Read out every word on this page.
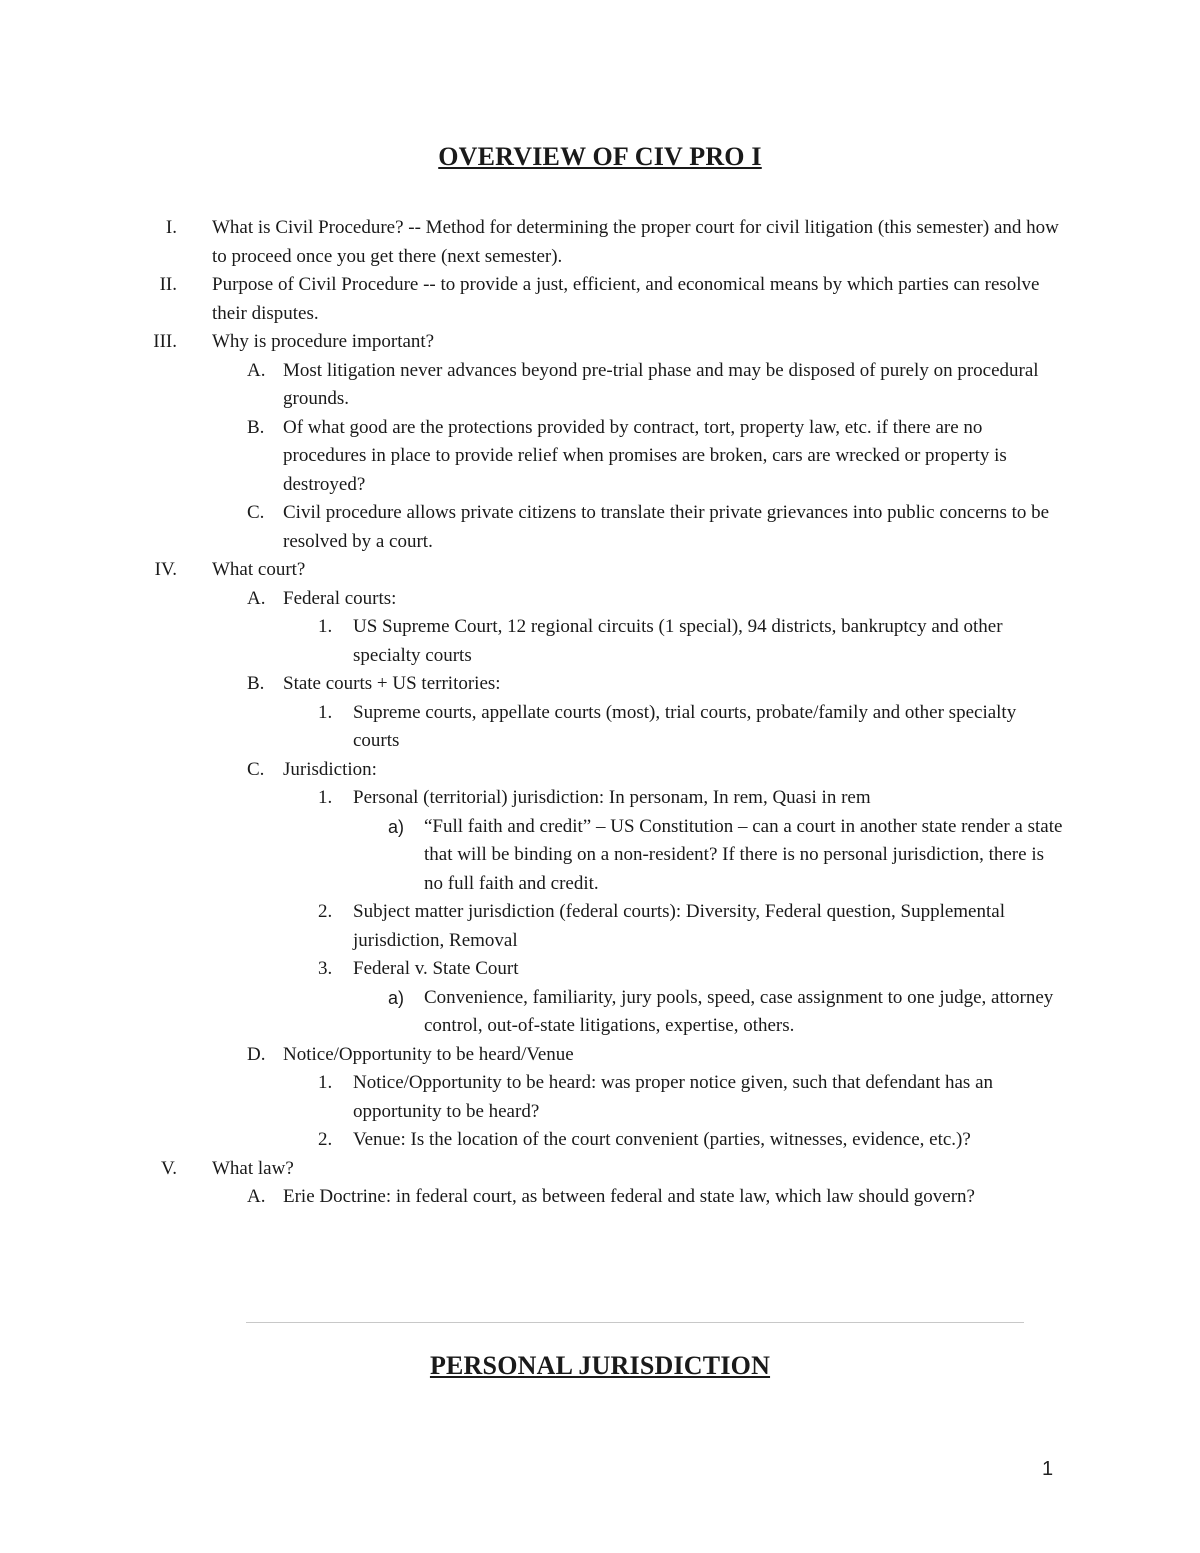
OVERVIEW OF CIV PRO I
I. What is Civil Procedure? -- Method for determining the proper court for civil litigation (this semester) and how to proceed once you get there (next semester).
II. Purpose of Civil Procedure -- to provide a just, efficient, and economical means by which parties can resolve their disputes.
III. Why is procedure important?
A. Most litigation never advances beyond pre-trial phase and may be disposed of purely on procedural grounds.
B. Of what good are the protections provided by contract, tort, property law, etc. if there are no procedures in place to provide relief when promises are broken, cars are wrecked or property is destroyed?
C. Civil procedure allows private citizens to translate their private grievances into public concerns to be resolved by a court.
IV. What court?
A. Federal courts:
1. US Supreme Court, 12 regional circuits (1 special), 94 districts, bankruptcy and other specialty courts
B. State courts + US territories:
1. Supreme courts, appellate courts (most), trial courts, probate/family and other specialty courts
C. Jurisdiction:
1. Personal (territorial) jurisdiction: In personam, In rem, Quasi in rem
a) “Full faith and credit” – US Constitution – can a court in another state render a state that will be binding on a non-resident? If there is no personal jurisdiction, there is no full faith and credit.
2. Subject matter jurisdiction (federal courts): Diversity, Federal question, Supplemental jurisdiction, Removal
3. Federal v. State Court
a) Convenience, familiarity, jury pools, speed, case assignment to one judge, attorney control, out-of-state litigations, expertise, others.
D. Notice/Opportunity to be heard/Venue
1. Notice/Opportunity to be heard: was proper notice given, such that defendant has an opportunity to be heard?
2. Venue: Is the location of the court convenient (parties, witnesses, evidence, etc.)?
V. What law?
A. Erie Doctrine: in federal court, as between federal and state law, which law should govern?
PERSONAL JURISDICTION
1
